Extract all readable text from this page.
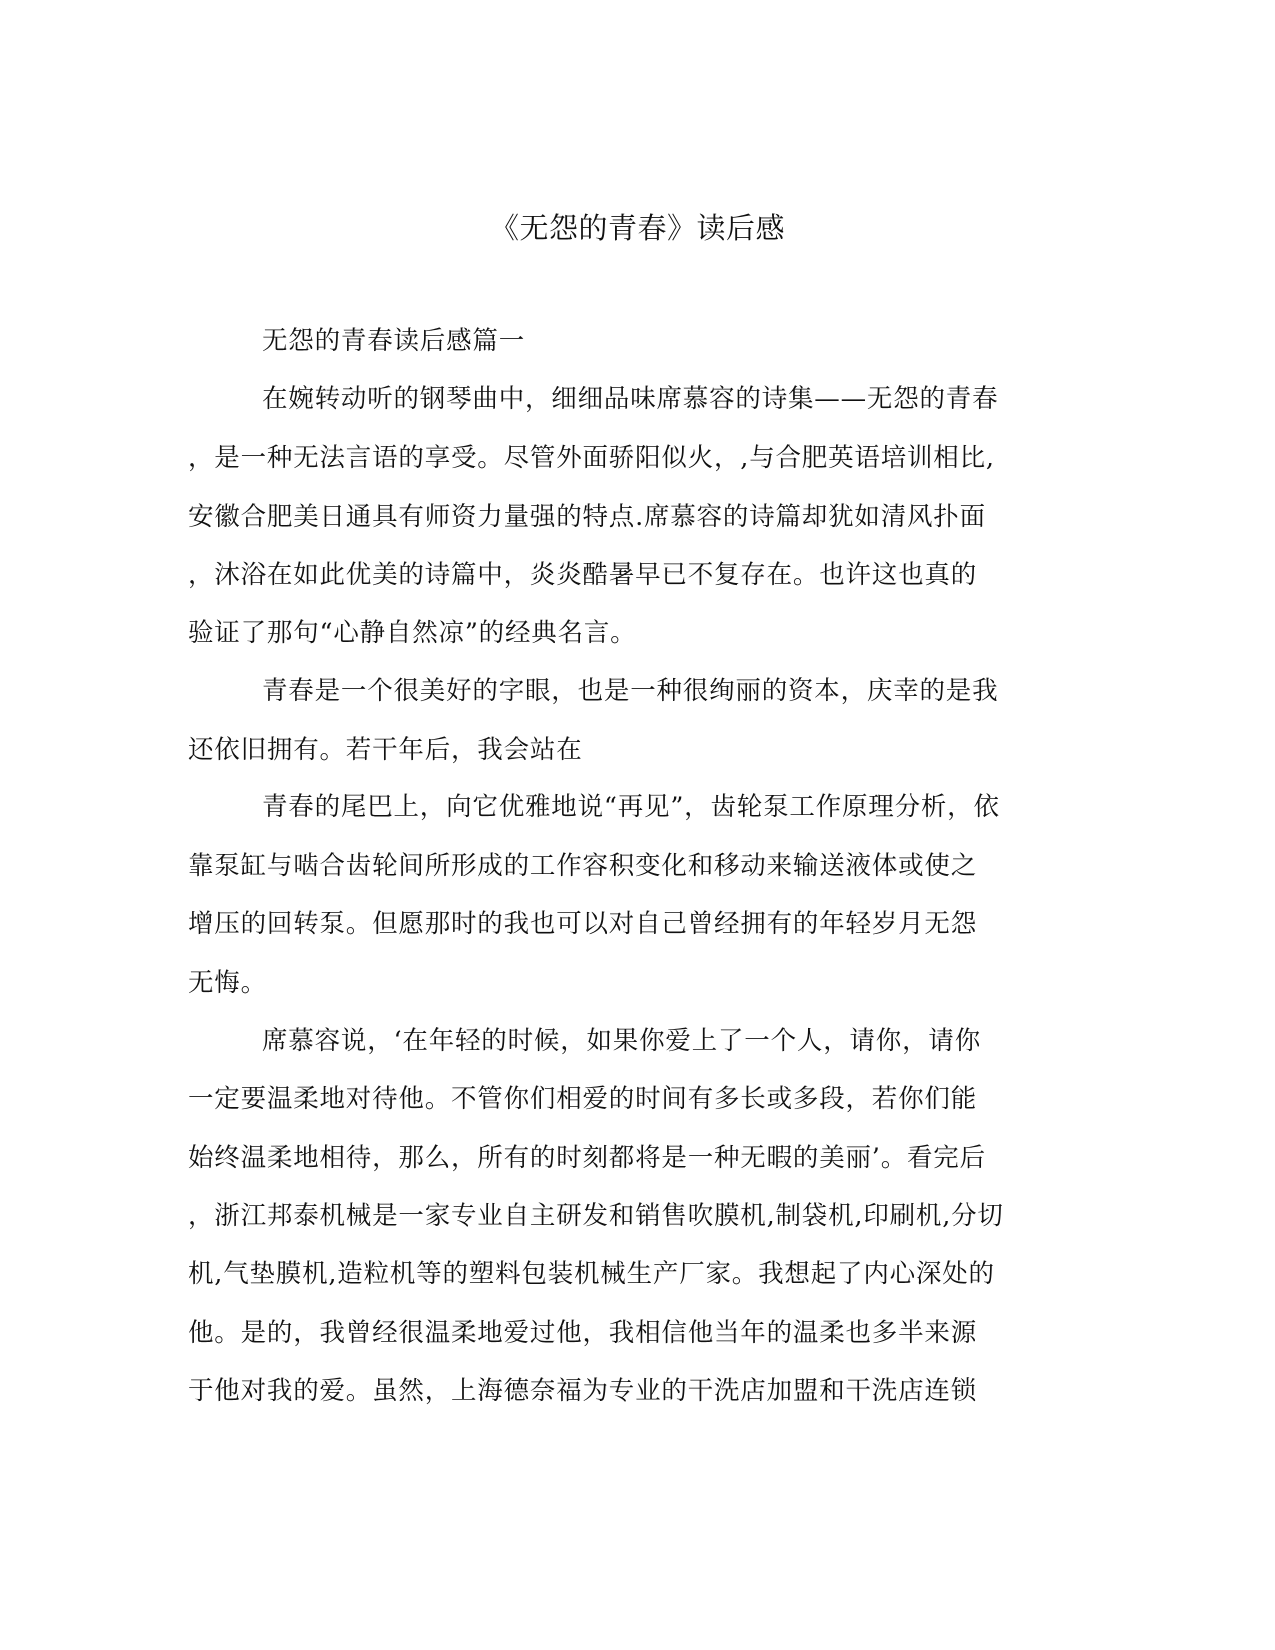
《无怨的青春》读后感
无怨的青春读后感篇一
在婉转动听的钢琴曲中，细细品味席慕容的诗集——无怨的青春
，是一种无法言语的享受。尽管外面骄阳似火，,与合肥英语培训相比,
安徽合肥美日通具有师资力量强的特点.席慕容的诗篇却犹如清风扑面
，沐浴在如此优美的诗篇中，炎炎酷暑早已不复存在。也许这也真的
验证了那句“心静自然凉”的经典名言。
青春是一个很美好的字眼，也是一种很绚丽的资本，庆幸的是我
还依旧拥有。若干年后，我会站在
青春的尾巴上，向它优雅地说“再见”，齿轮泵工作原理分析，依
靠泵缸与啮合齿轮间所形成的工作容积变化和移动来输送液体或使之
增压的回转泵。但愿那时的我也可以对自己曾经拥有的年轻岁月无怨
无悔。
席慕容说，‘在年轻的时候，如果你爱上了一个人，请你，请你
一定要温柔地对待他。不管你们相爱的时间有多长或多段，若你们能
始终温柔地相待，那么，所有的时刻都将是一种无暇的美丽’。看完后
，浙江邦泰机械是一家专业自主研发和销售吹膜机,制袋机,印刷机,分切
机,气垫膜机,造粒机等的塑料包装机械生产厂家。我想起了内心深处的
他。是的，我曾经很温柔地爱过他，我相信他当年的温柔也多半来源
于他对我的爱。虽然，上海德奈福为专业的干洗店加盟和干洗店连锁
